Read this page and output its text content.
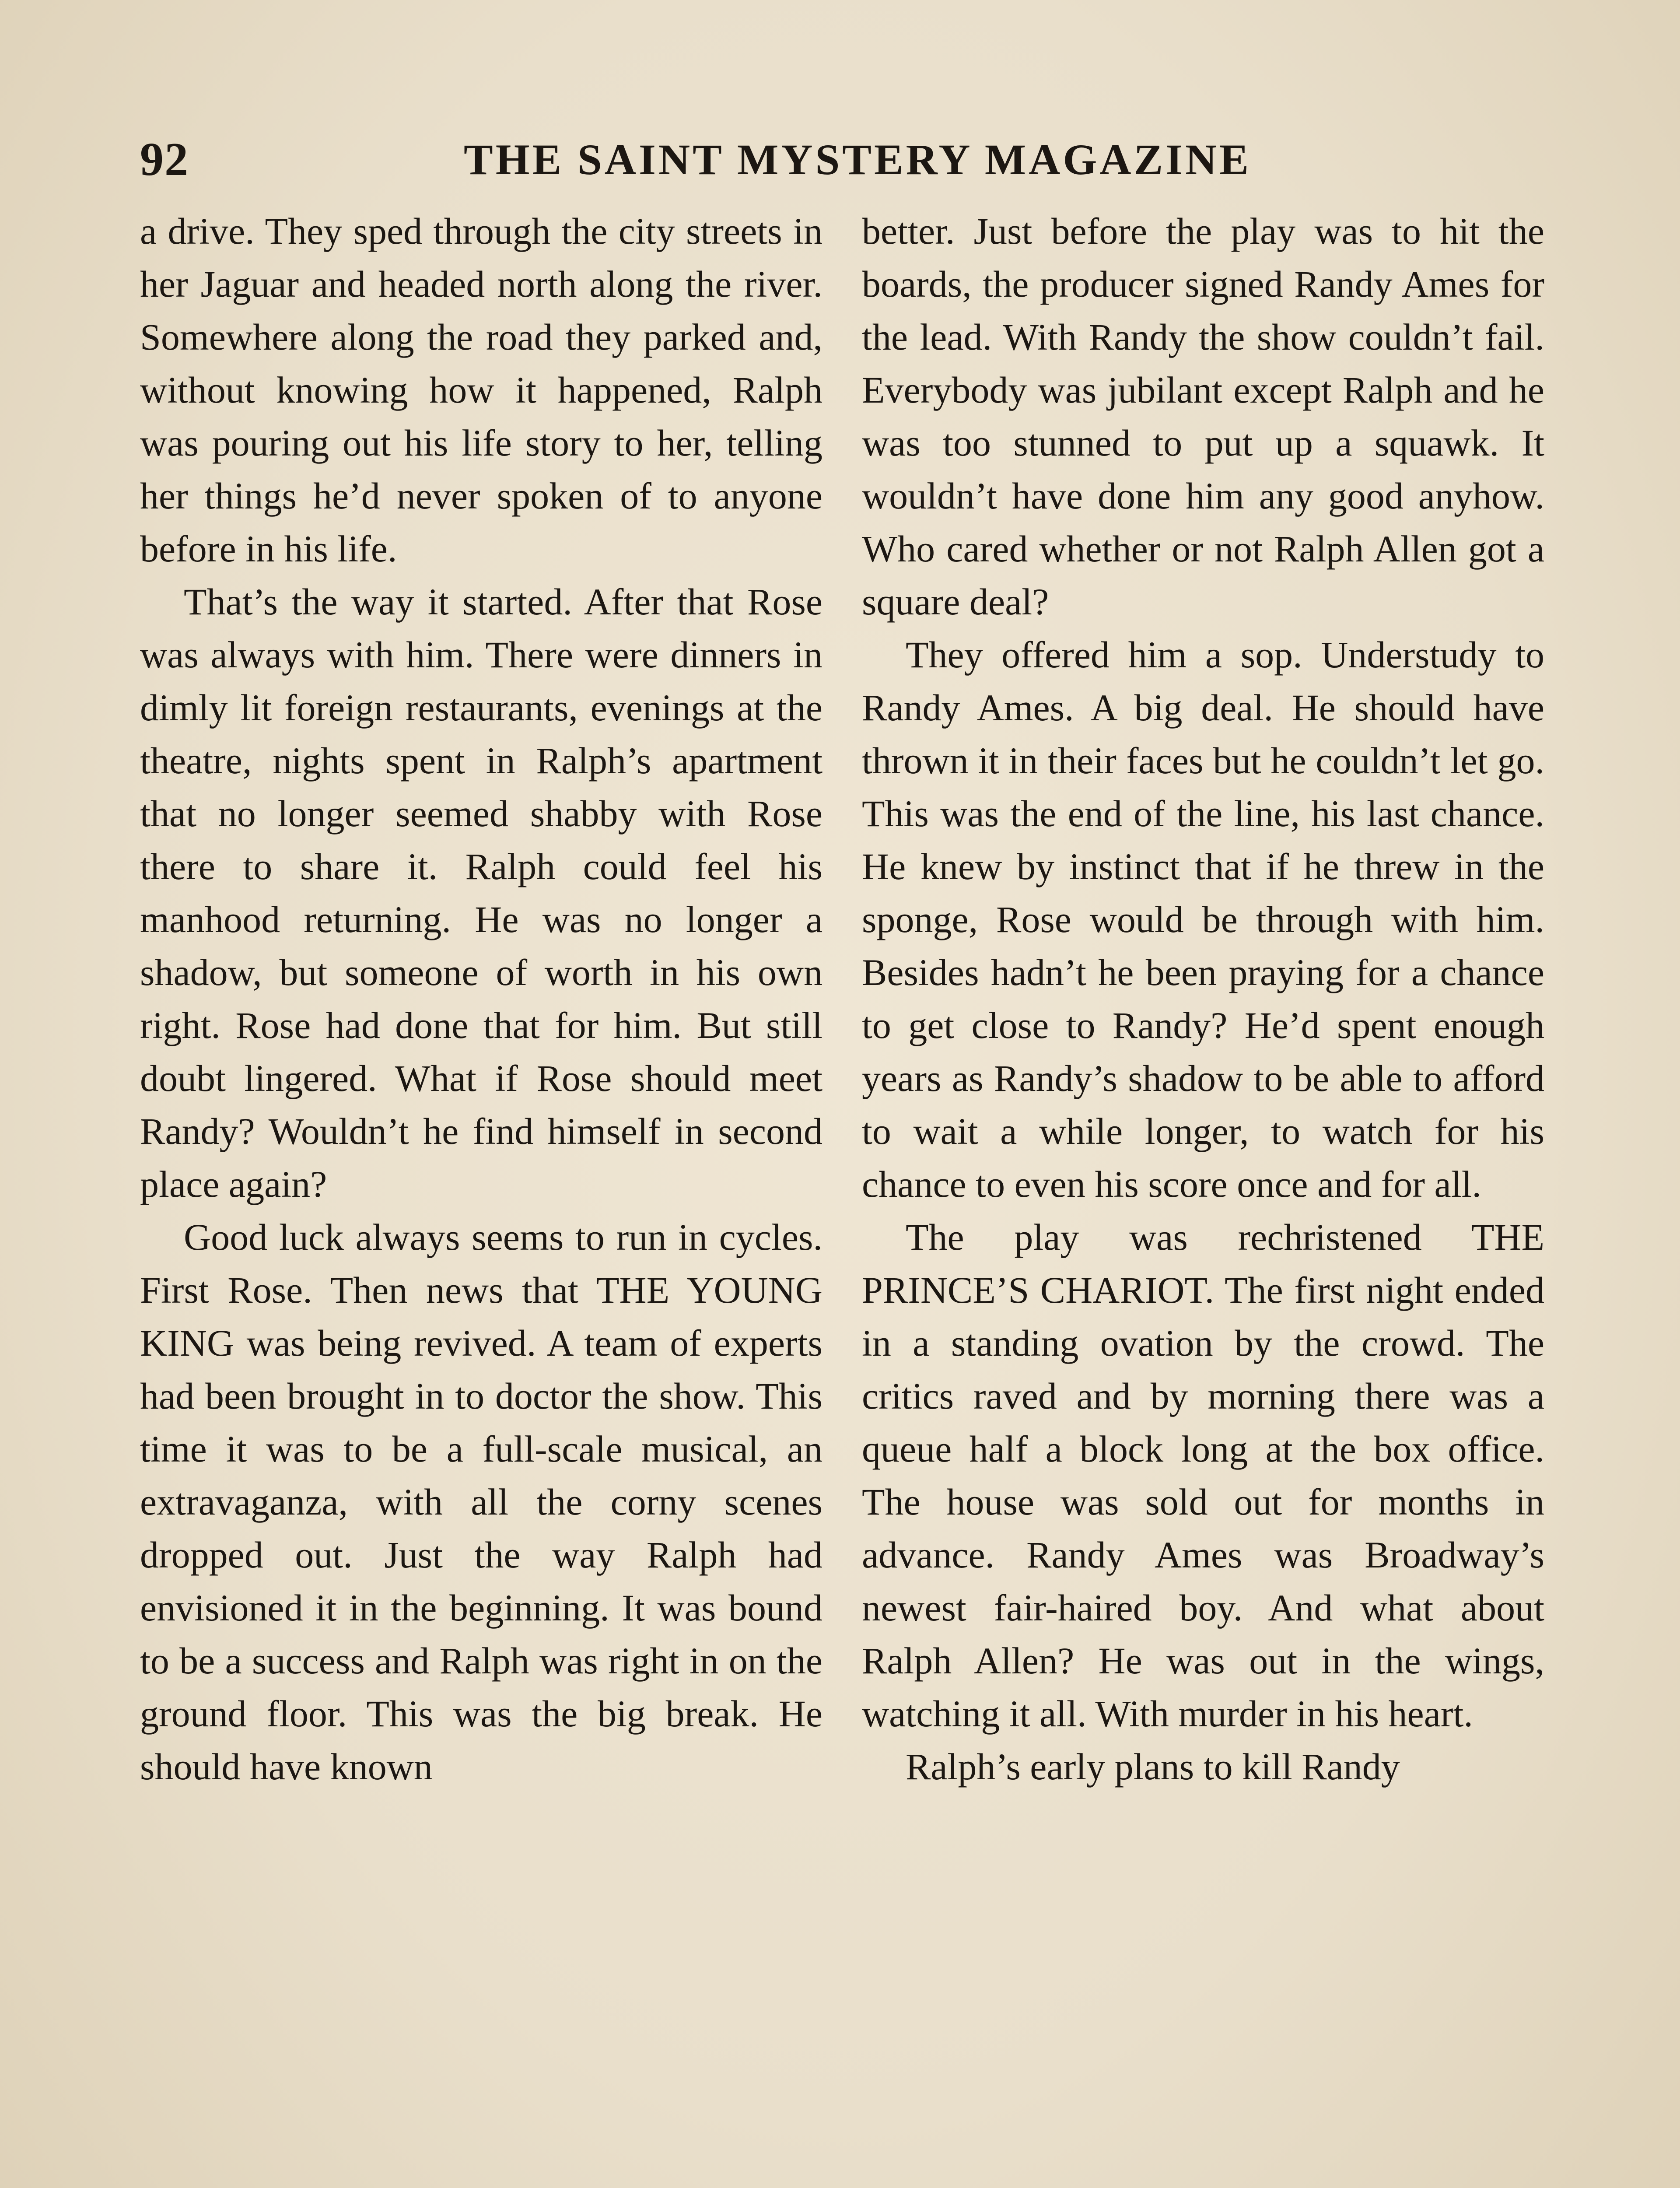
92	THE SAINT MYSTERY MAGAZINE

a drive. They sped through the city streets in her Jaguar and headed north along the river. Somewhere along the road they parked and, without knowing how it happened, Ralph was pouring out his life story to her, telling her things he’d never spoken of to anyone before in his life.

That’s the way it started. After that Rose was always with him. There were dinners in dimly lit foreign restaurants, evenings at the theatre, nights spent in Ralph’s apartment that no longer seemed shabby with Rose there to share it. Ralph could feel his manhood returning. He was no longer a shadow, but someone of worth in his own right. Rose had done that for him. But still doubt lingered. What if Rose should meet Randy? Wouldn’t he find himself in second place again?

Good luck always seems to run in cycles. First Rose. Then news that THE YOUNG KING was being revived. A team of experts had been brought in to doctor the show. This time it was to be a full-scale musical, an extravaganza, with all the corny scenes dropped out. Just the way Ralph had envisioned it in the beginning. It was bound to be a success and Ralph was right in on the ground floor. This was the big break. He should have known

better. Just before the play was to hit the boards, the producer signed Randy Ames for the lead. With Randy the show couldn’t fail. Everybody was jubilant except Ralph and he was too stunned to put up a squawk. It wouldn’t have done him any good anyhow. Who cared whether or not Ralph Allen got a square deal?

They offered him a sop. Understudy to Randy Ames. A big deal. He should have thrown it in their faces but he couldn’t let go. This was the end of the line, his last chance. He knew by instinct that if he threw in the sponge, Rose would be through with him. Besides hadn’t he been praying for a chance to get close to Randy? He’d spent enough years as Randy’s shadow to be able to afford to wait a while longer, to watch for his chance to even his score once and for all.

The play was rechristened THE PRINCE’S CHARIOT. The first night ended in a standing ovation by the crowd. The critics raved and by morning there was a queue half a block long at the box office. The house was sold out for months in advance. Randy Ames was Broadway’s newest fair-haired boy. And what about Ralph Allen? He was out in the wings, watching it all. With murder in his heart.

Ralph’s early plans to kill Randy
